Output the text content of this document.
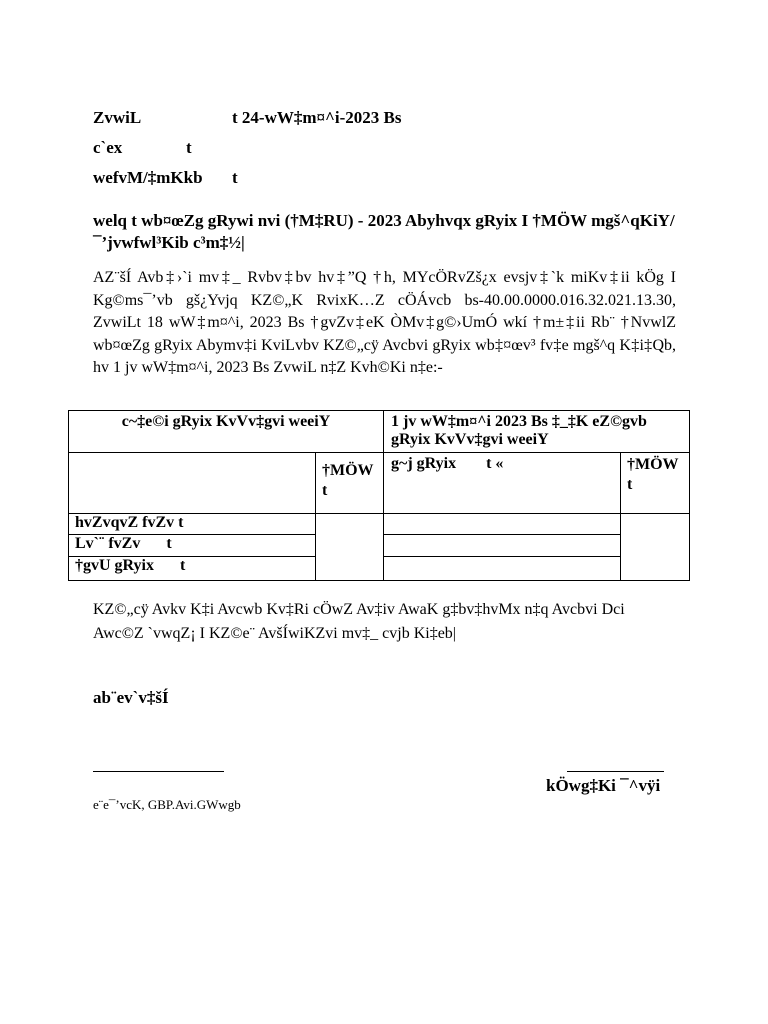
ZvwiL	t 24-wW‡m¤^i-2023 Bs
c`ex	t
wefvM/‡mKkb t
welq t wb¤œZg gRywi nvi (†M‡RU) - 2023 Abyhvqx gRyix I †MÖW mgš^qKiY/ ¯’jvwfwl³Kib c³m‡½|
AZ¨šÍ Avb‡›`i mv‡_ Rvbv‡bv hv‡”Q †h, MYcÖRvZš¿x evsjv‡`k miKv‡ii kÖg I Kg©ms¯’vb gš¿Yvjq KZ©„K RvixK…Z cÖÁvcb bs-40.00.0000.016.32.021.13.30, ZvwiLt 18 wW‡m¤^i, 2023 Bs †gvZv‡eK ÒMv‡g©›UmÓ wkí †m±‡ii Rb¨ †NvwlZ wb¤œZg gRyix Abymv‡i KviLvbv KZ©„cÿ Avcbvi gRyix wb‡¤œv³ fv‡e mgš^q K‡i‡Qb, hv 1 jv wW‡m¤^i, 2023 Bs ZvwiL n‡Z Kvh©Ki n‡e:-
c~‡e©i gRyix KvVv‡gvi weeiY		1 jv wW‡m¤^i 2023 Bs ‡_‡K eZ©gvb gRyix KvVv‡gvi weeiY	
	†MÖW t	g~j gRyix t «	†MÖW t
hvZvqvZ fvZv t			
Lv`¨ fvZv t			
†gvU gRyix t			
KZ©„cÿ Avkv K‡i Avcwb Kv‡Ri cÖwZ Av‡iv AwaK g‡bv‡hvMx n‡q Avcbvi Dci Awc©Z `vwqZ¡ I KZ©e¨ AvšÍwiKZvi mv‡_ cvjb Ki‡eb|
ab¨ev`v‡šÍ
kÖwg‡Ki ¯^vÿi
e¨e¯’vcK, GBP.Avi.GWwgb
